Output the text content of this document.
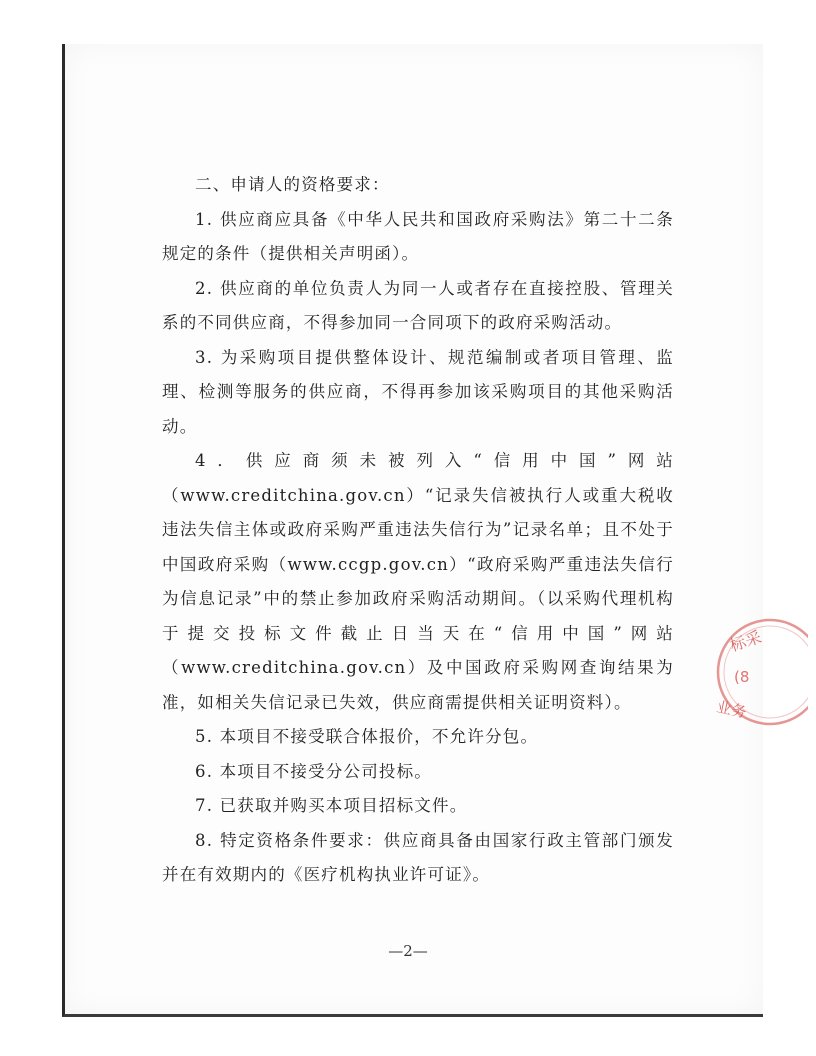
二、申请人的资格要求：

1. 供应商应具备《中华人民共和国政府采购法》第二十二条规定的条件（提供相关声明函）。

2. 供应商的单位负责人为同一人或者存在直接控股、管理关系的不同供应商，不得参加同一合同项下的政府采购活动。

3. 为采购项目提供整体设计、规范编制或者项目管理、监理、检测等服务的供应商，不得再参加该采购项目的其他采购活动。

4．供应商须未被列入“信用中国”网站（www.creditchina.gov.cn）“记录失信被执行人或重大税收违法失信主体或政府采购严重违法失信行为”记录名单；且不处于中国政府采购（www.ccgp.gov.cn）“政府采购严重违法失信行为信息记录”中的禁止参加政府采购活动期间。（以采购代理机构于提交投标文件截止日当天在“信用中国”网站（www.creditchina.gov.cn）及中国政府采购网查询结果为准，如相关失信记录已失效，供应商需提供相关证明资料）。

5. 本项目不接受联合体报价，不允许分包。

6. 本项目不接受分公司投标。

7. 已获取并购买本项目招标文件。

8. 特定资格条件要求：供应商具备由国家行政主管部门颁发并在有效期内的《医疗机构执业许可证》。

—2—
标采
(8
业务
